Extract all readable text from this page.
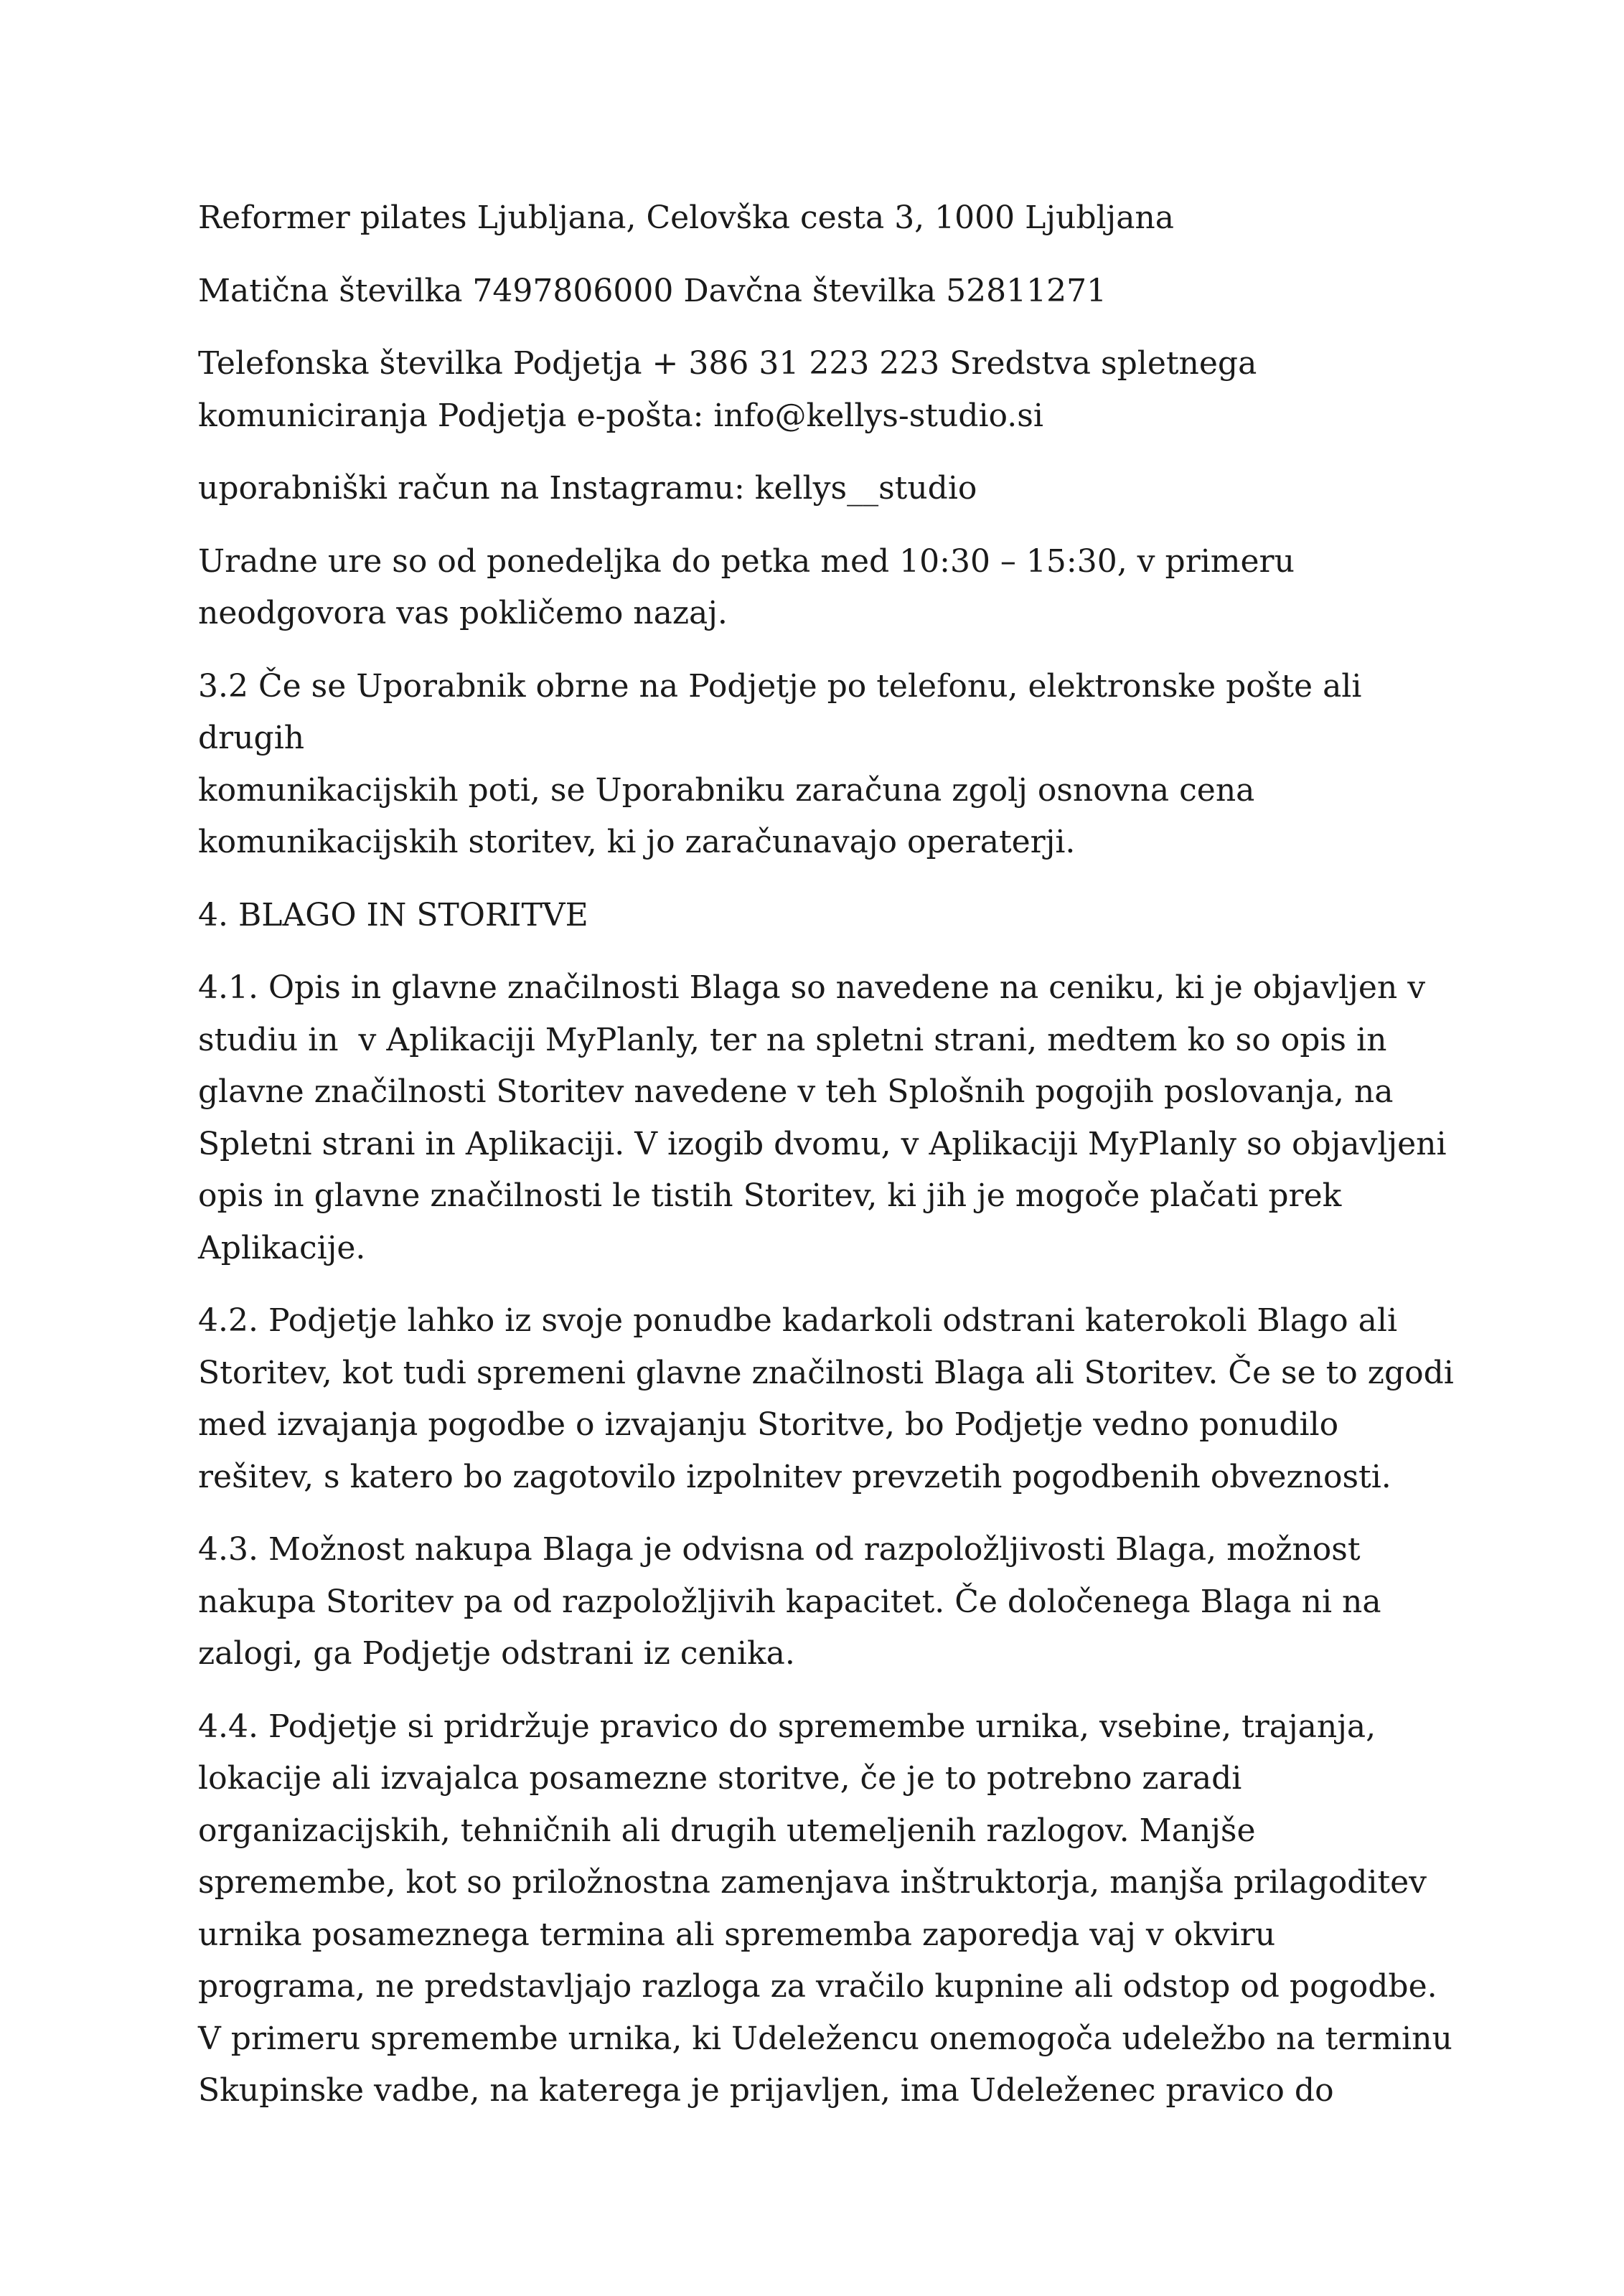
Reformer pilates Ljubljana, Celovška cesta 3, 1000 Ljubljana

Matična številka 7497806000 Davčna številka 52811271

Telefonska številka Podjetja + 386 31 223 223 Sredstva spletnega
komuniciranja Podjetja e-pošta: info@kellys-studio.si

uporabniški račun na Instagramu: kellys__studio

Uradne ure so od ponedeljka do petka med 10:30 – 15:30, v primeru
neodgovora vas pokličemo nazaj.

3.2 Če se Uporabnik obrne na Podjetje po telefonu, elektronske pošte ali drugih
komunikacijskih poti, se Uporabniku zaračuna zgolj osnovna cena
komunikacijskih storitev, ki jo zaračunavajo operaterji.

4. BLAGO IN STORITVE

4.1. Opis in glavne značilnosti Blaga so navedene na ceniku, ki je objavljen v
studiu in  v Aplikaciji MyPlanly, ter na spletni strani, medtem ko so opis in
glavne značilnosti Storitev navedene v teh Splošnih pogojih poslovanja, na
Spletni strani in Aplikaciji. V izogib dvomu, v Aplikaciji MyPlanly so objavljeni
opis in glavne značilnosti le tistih Storitev, ki jih je mogoče plačati prek
Aplikacije.

4.2. Podjetje lahko iz svoje ponudbe kadarkoli odstrani katerokoli Blago ali
Storitev, kot tudi spremeni glavne značilnosti Blaga ali Storitev. Če se to zgodi
med izvajanja pogodbe o izvajanju Storitve, bo Podjetje vedno ponudilo
rešitev, s katero bo zagotovilo izpolnitev prevzetih pogodbenih obveznosti.

4.3. Možnost nakupa Blaga je odvisna od razpoložljivosti Blaga, možnost
nakupa Storitev pa od razpoložljivih kapacitet. Če določenega Blaga ni na
zalogi, ga Podjetje odstrani iz cenika.

4.4. Podjetje si pridržuje pravico do spremembe urnika, vsebine, trajanja,
lokacije ali izvajalca posamezne storitve, če je to potrebno zaradi
organizacijskih, tehničnih ali drugih utemeljenih razlogov. Manjše
spremembe, kot so priložnostna zamenjava inštruktorja, manjša prilagoditev
urnika posameznega termina ali sprememba zaporedja vaj v okviru
programa, ne predstavljajo razloga za vračilo kupnine ali odstop od pogodbe.
V primeru spremembe urnika, ki Udeležencu onemogoča udeležbo na terminu
Skupinske vadbe, na katerega je prijavljen, ima Udeleženec pravico do
